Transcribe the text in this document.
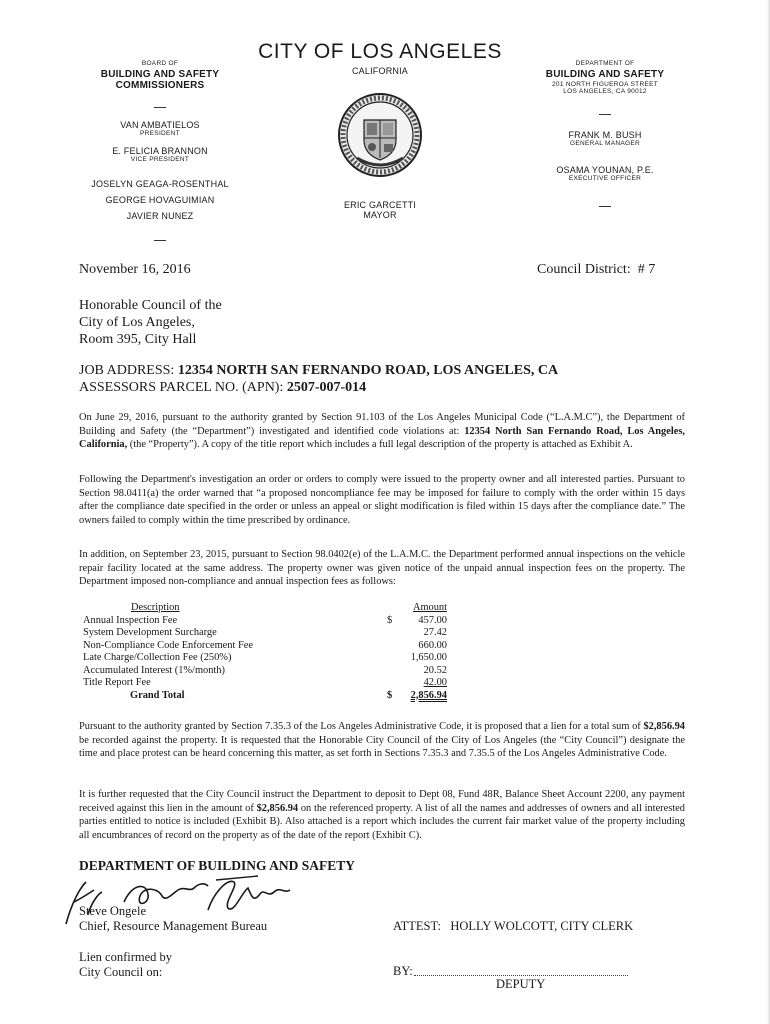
BOARD OF
BUILDING AND SAFETY
COMMISSIONERS
VAN AMBATIELOS
PRESIDENT
E. FELICIA BRANNON
VICE PRESIDENT
JOSELYN GEAGA-ROSENTHAL
GEORGE HOVAGUIMIAN
JAVIER NUNEZ
CITY OF LOS ANGELES
CALIFORNIA
ERIC GARCETTI
MAYOR
DEPARTMENT OF
BUILDING AND SAFETY
201 NORTH FIGUEROA STREET
LOS ANGELES, CA 90012
FRANK M. BUSH
GENERAL MANAGER
OSAMA YOUNAN, P.E.
EXECUTIVE OFFICER
November 16, 2016	Council District:  # 7
Honorable Council of the
City of Los Angeles,
Room 395, City Hall
JOB ADDRESS: 12354 NORTH SAN FERNANDO ROAD, LOS ANGELES, CA
ASSESSORS PARCEL NO. (APN): 2507-007-014
On June 29, 2016, pursuant to the authority granted by Section 91.103 of the Los Angeles Municipal Code (“L.A.M.C”), the Department of Building and Safety (the “Department”) investigated and identified code violations at: 12354 North San Fernando Road, Los Angeles, California, (the “Property”). A copy of the title report which includes a full legal description of the property is attached as Exhibit A.
Following the Department's investigation an order or orders to comply were issued to the property owner and all interested parties. Pursuant to Section 98.0411(a) the order warned that “a proposed noncompliance fee may be imposed for failure to comply with the order within 15 days after the compliance date specified in the order or unless an appeal or slight modification is filed within 15 days after the compliance date.” The owners failed to comply within the time prescribed by ordinance.
In addition, on September 23, 2015, pursuant to Section 98.0402(e) of the L.A.M.C. the Department performed annual inspections on the vehicle repair facility located at the same address. The property owner was given notice of the unpaid annual inspection fees on the property. The Department imposed non-compliance and annual inspection fees as follows:
Description	Amount
Annual Inspection Fee	$	457.00
System Development Surcharge	27.42
Non-Compliance Code Enforcement Fee	660.00
Late Charge/Collection Fee (250%)	1,650.00
Accumulated Interest (1%/month)	20.52
Title Report Fee	42.00
Grand Total	$ 2,856.94
Pursuant to the authority granted by Section 7.35.3 of the Los Angeles Administrative Code, it is proposed that a lien for a total sum of $2,856.94 be recorded against the property. It is requested that the Honorable City Council of the City of Los Angeles (the “City Council”) designate the time and place protest can be heard concerning this matter, as set forth in Sections 7.35.3 and 7.35.5 of the Los Angeles Administrative Code.
It is further requested that the City Council instruct the Department to deposit to Dept 08, Fund 48R, Balance Sheet Account 2200, any payment received against this lien in the amount of $2,856.94 on the referenced property. A list of all the names and addresses of owners and all interested parties entitled to notice is included (Exhibit B). Also attached is a report which includes the current fair market value of the property including all encumbrances of record on the property as of the date of the report (Exhibit C).
DEPARTMENT OF BUILDING AND SAFETY
Steve Ongele
Chief, Resource Management Bureau	ATTEST:   HOLLY WOLCOTT, CITY CLERK
Lien confirmed by
City Council on:	BY:
DEPUTY
